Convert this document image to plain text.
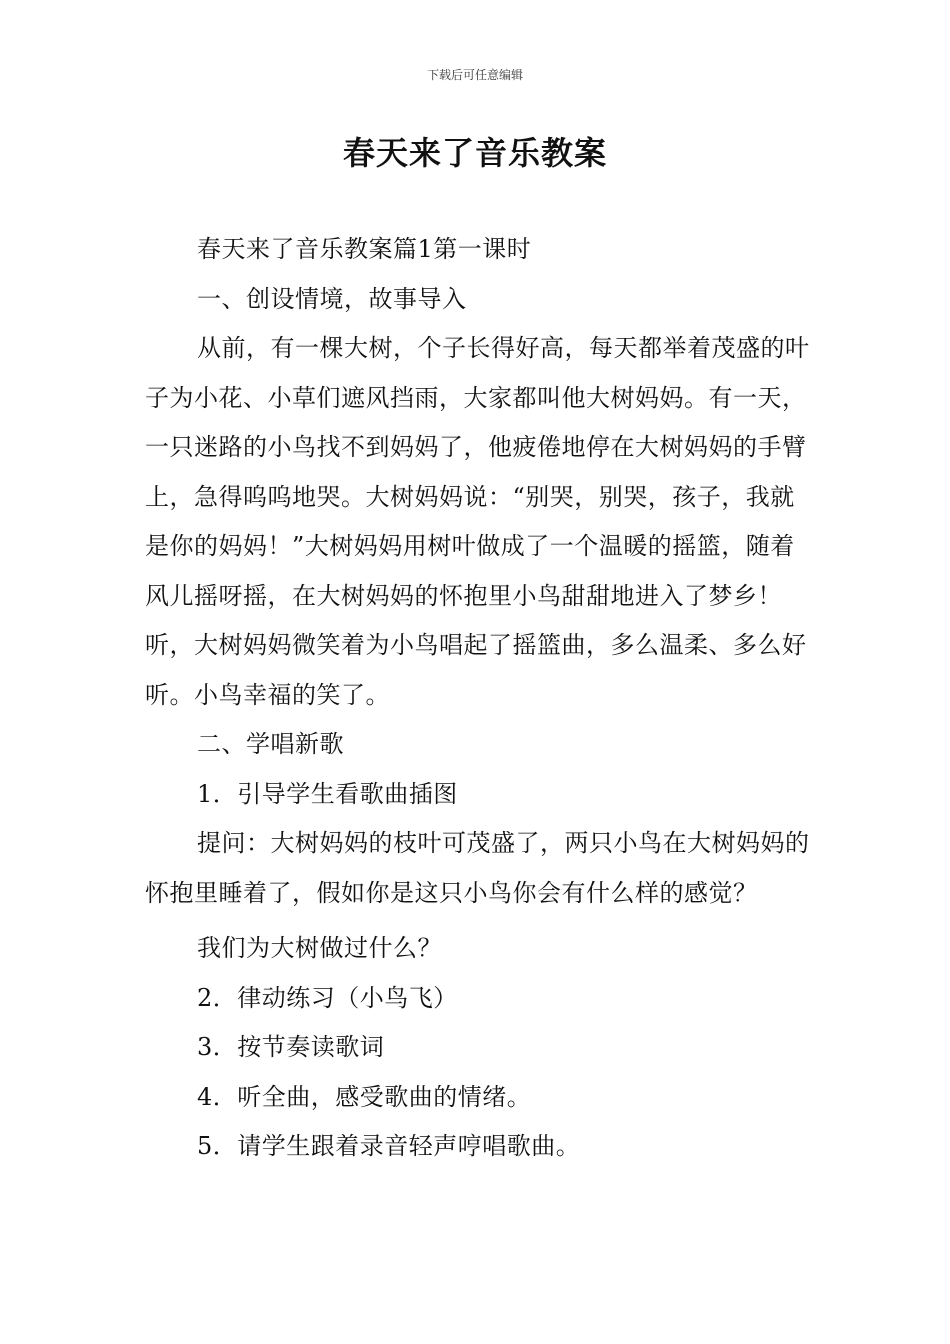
下载后可任意编辑
春天来了音乐教案

春天来了音乐教案篇1第一课时

一、创设情境，故事导入

从前，有一棵大树，个子长得好高，每天都举着茂盛的叶子为小花、小草们遮风挡雨，大家都叫他大树妈妈。有一天，一只迷路的小鸟找不到妈妈了，他疲倦地停在大树妈妈的手臂上，急得呜呜地哭。大树妈妈说：“别哭，别哭，孩子，我就是你的妈妈！”大树妈妈用树叶做成了一个温暖的摇篮，随着风儿摇呀摇，在大树妈妈的怀抱里小鸟甜甜地进入了梦乡！听，大树妈妈微笑着为小鸟唱起了摇篮曲，多么温柔、多么好听。小鸟幸福的笑了。

二、学唱新歌

1．引导学生看歌曲插图

提问：大树妈妈的枝叶可茂盛了，两只小鸟在大树妈妈的怀抱里睡着了，假如你是这只小鸟你会有什么样的感觉？

我们为大树做过什么？

2．律动练习（小鸟飞）

3．按节奏读歌词

4．听全曲，感受歌曲的情绪。

5．请学生跟着录音轻声哼唱歌曲。
